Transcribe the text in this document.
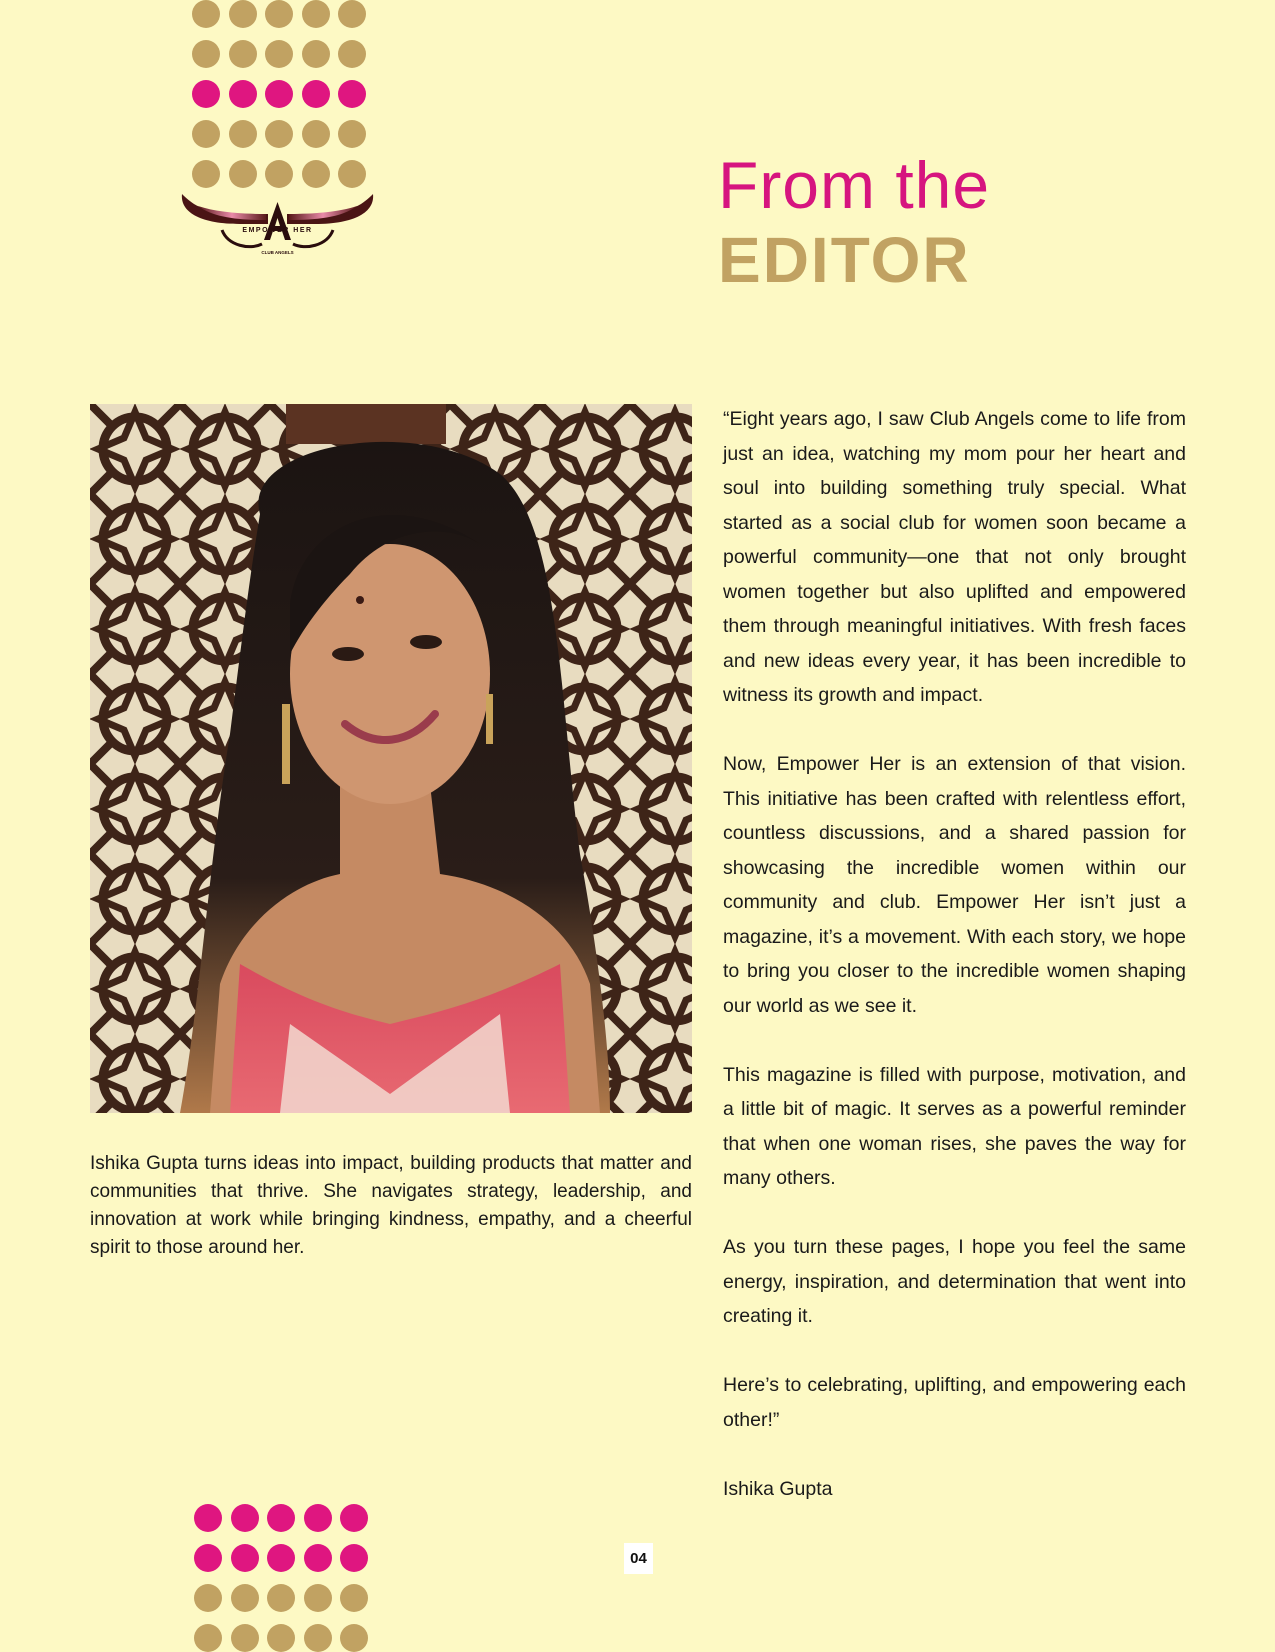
EMPOWER HER
CLUB ANGELS
From the
EDITOR

Ishika Gupta turns ideas into impact, building products that matter and communities that thrive. She navigates strategy, leadership, and innovation at work while bringing kindness, empathy, and a cheerful spirit to those around her.

“Eight years ago, I saw Club Angels come to life from just an idea, watching my mom pour her heart and soul into building something truly special. What started as a social club for women soon became a powerful community—one that not only brought women together but also uplifted and empowered them through meaningful initiatives. With fresh faces and new ideas every year, it has been incredible to witness its growth and impact.

Now, Empower Her is an extension of that vision. This initiative has been crafted with relentless effort, countless discussions, and a shared passion for showcasing the incredible women within our community and club. Empower Her isn’t just a magazine, it’s a movement. With each story, we hope to bring you closer to the incredible women shaping our world as we see it.

This magazine is filled with purpose, motivation, and a little bit of magic. It serves as a powerful reminder that when one woman rises, she paves the way for many others.

As you turn these pages, I hope you feel the same energy, inspiration, and determination that went into creating it.

Here’s to celebrating, uplifting, and empowering each other!”

Ishika Gupta

04
